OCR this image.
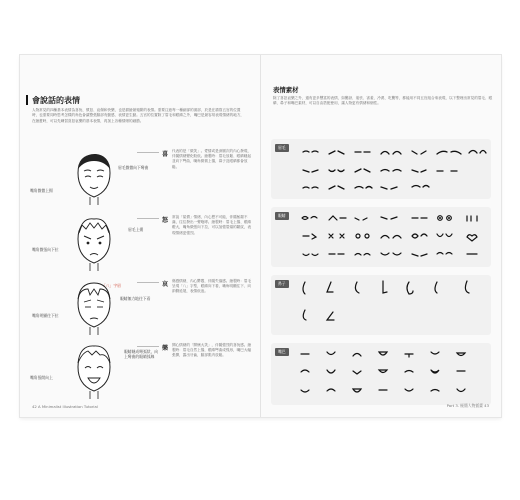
會說話的表情
人物常見的四種基本表情為喜悅、憤怒、哀傷和快樂，也是描繪最頻繁的表情。需要注意每一種細部的面部，於是在描寫五官的位置時，也需要同時思考怎樣的角色會讓整張臉部有動感、表情更生動。五官的位置除了眉毛和眼睛之外，嘴巴是最容易表現情緒的地方，在繪畫時，可以先練習喜怒哀樂的基本表情，再加上各種情緒的細節。
眉毛微微向下彎曲
嘴角微微上揚
喜 代表的是「微笑」。愛情或是深層次的內心發現，伴隨情緒變化較低。繪製時：眉毛放鬆、眼睛瞇起並向下彎曲，嘴角微微上揚，鼻子及眼睛都會放鬆。
眉毛上揚
嘴角微張向下拉
怒 常說「氣憤」情緒，內心想不可能，伴隨極端不滿，往往發出一聲咆哮。繪製時：眉毛上揚、眼睛瞪大，嘴角微張向下拉，可以加強眉頭的皺紋，表現情緒更強烈。
「八」字眉
眼睛無力地往下看
嘴角明顯往下拉
哀 傷感情緒，內心鬱悶，伴隨失落感。繪製時：眉毛呈現「八」字型，眼睛向下看，嘴角明顯往下、向兩側延展，表情低迷。
眼睛瞇成彎弧狀，向上彎曲的眼睛弧線
嘴角張開向上
樂 開心情緒的「開懷大笑」，伴隨強烈的喜悅感。繪製時：眉毛自然上揚，眼睛彎曲成弧形，嘴巴大幅張開，露出牙齒，臉部肌肉放鬆。
42 A Minimalist Illustration Tutorial
表情素材
除了喜怒哀樂之外，還有更多豐富的表情，如驚訝、羞怯、害羞、冷漠、吃驚等，都能用不同五官組合來表現，以下整理出常見的眉毛、眼睛、鼻子和嘴巴素材，可以自由搭配使用，讓人物更有情緒和個性。
眉毛
眼睛
鼻子
嘴巴
Part 3. 極簡人物插畫 43
